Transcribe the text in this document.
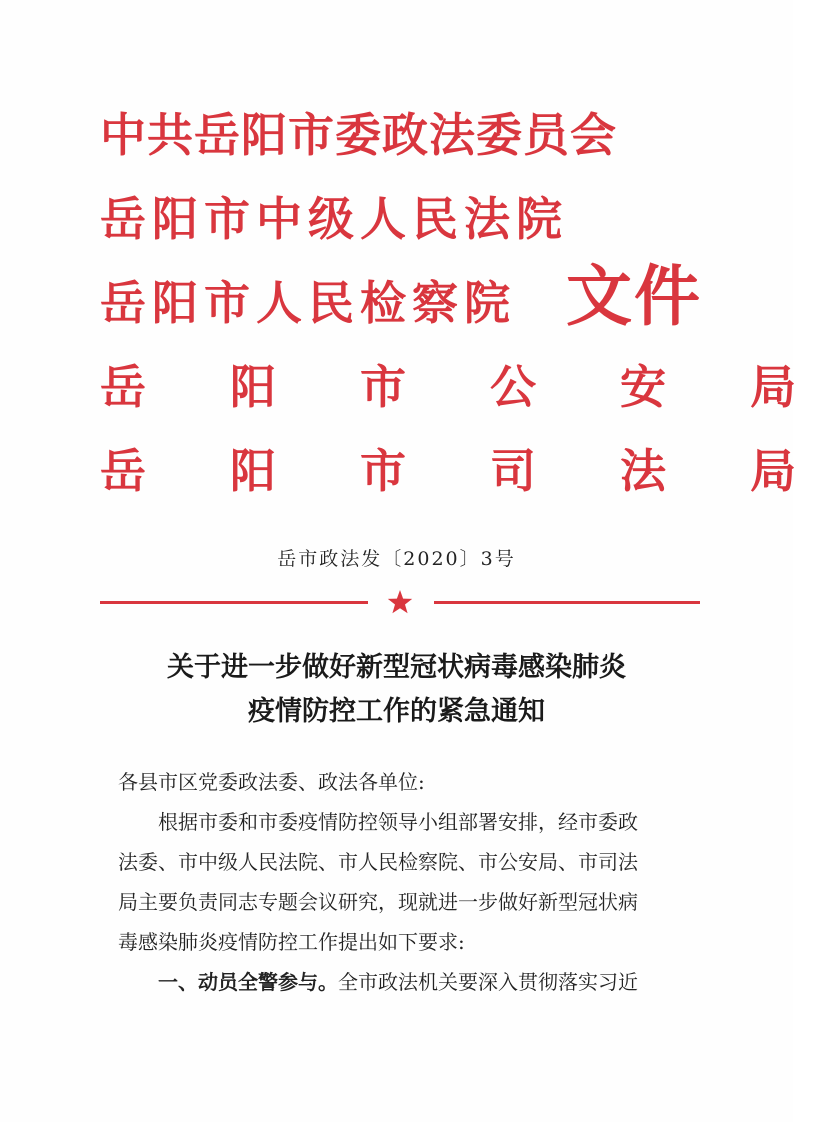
中共岳阳市委政法委员会
岳阳市中级人民法院
岳阳市人民检察院
岳 阳 市 公 安 局
岳 阳 市 司 法 局
文件
岳市政法发〔2020〕3号
关于进一步做好新型冠状病毒感染肺炎
疫情防控工作的紧急通知

各县市区党委政法委、政法各单位:

根据市委和市委疫情防控领导小组部署安排，经市委政
法委、市中级人民法院、市人民检察院、市公安局、市司法
局主要负责同志专题会议研究，现就进一步做好新型冠状病
毒感染肺炎疫情防控工作提出如下要求:
一、动员全警参与。全市政法机关要深入贯彻落实习近
